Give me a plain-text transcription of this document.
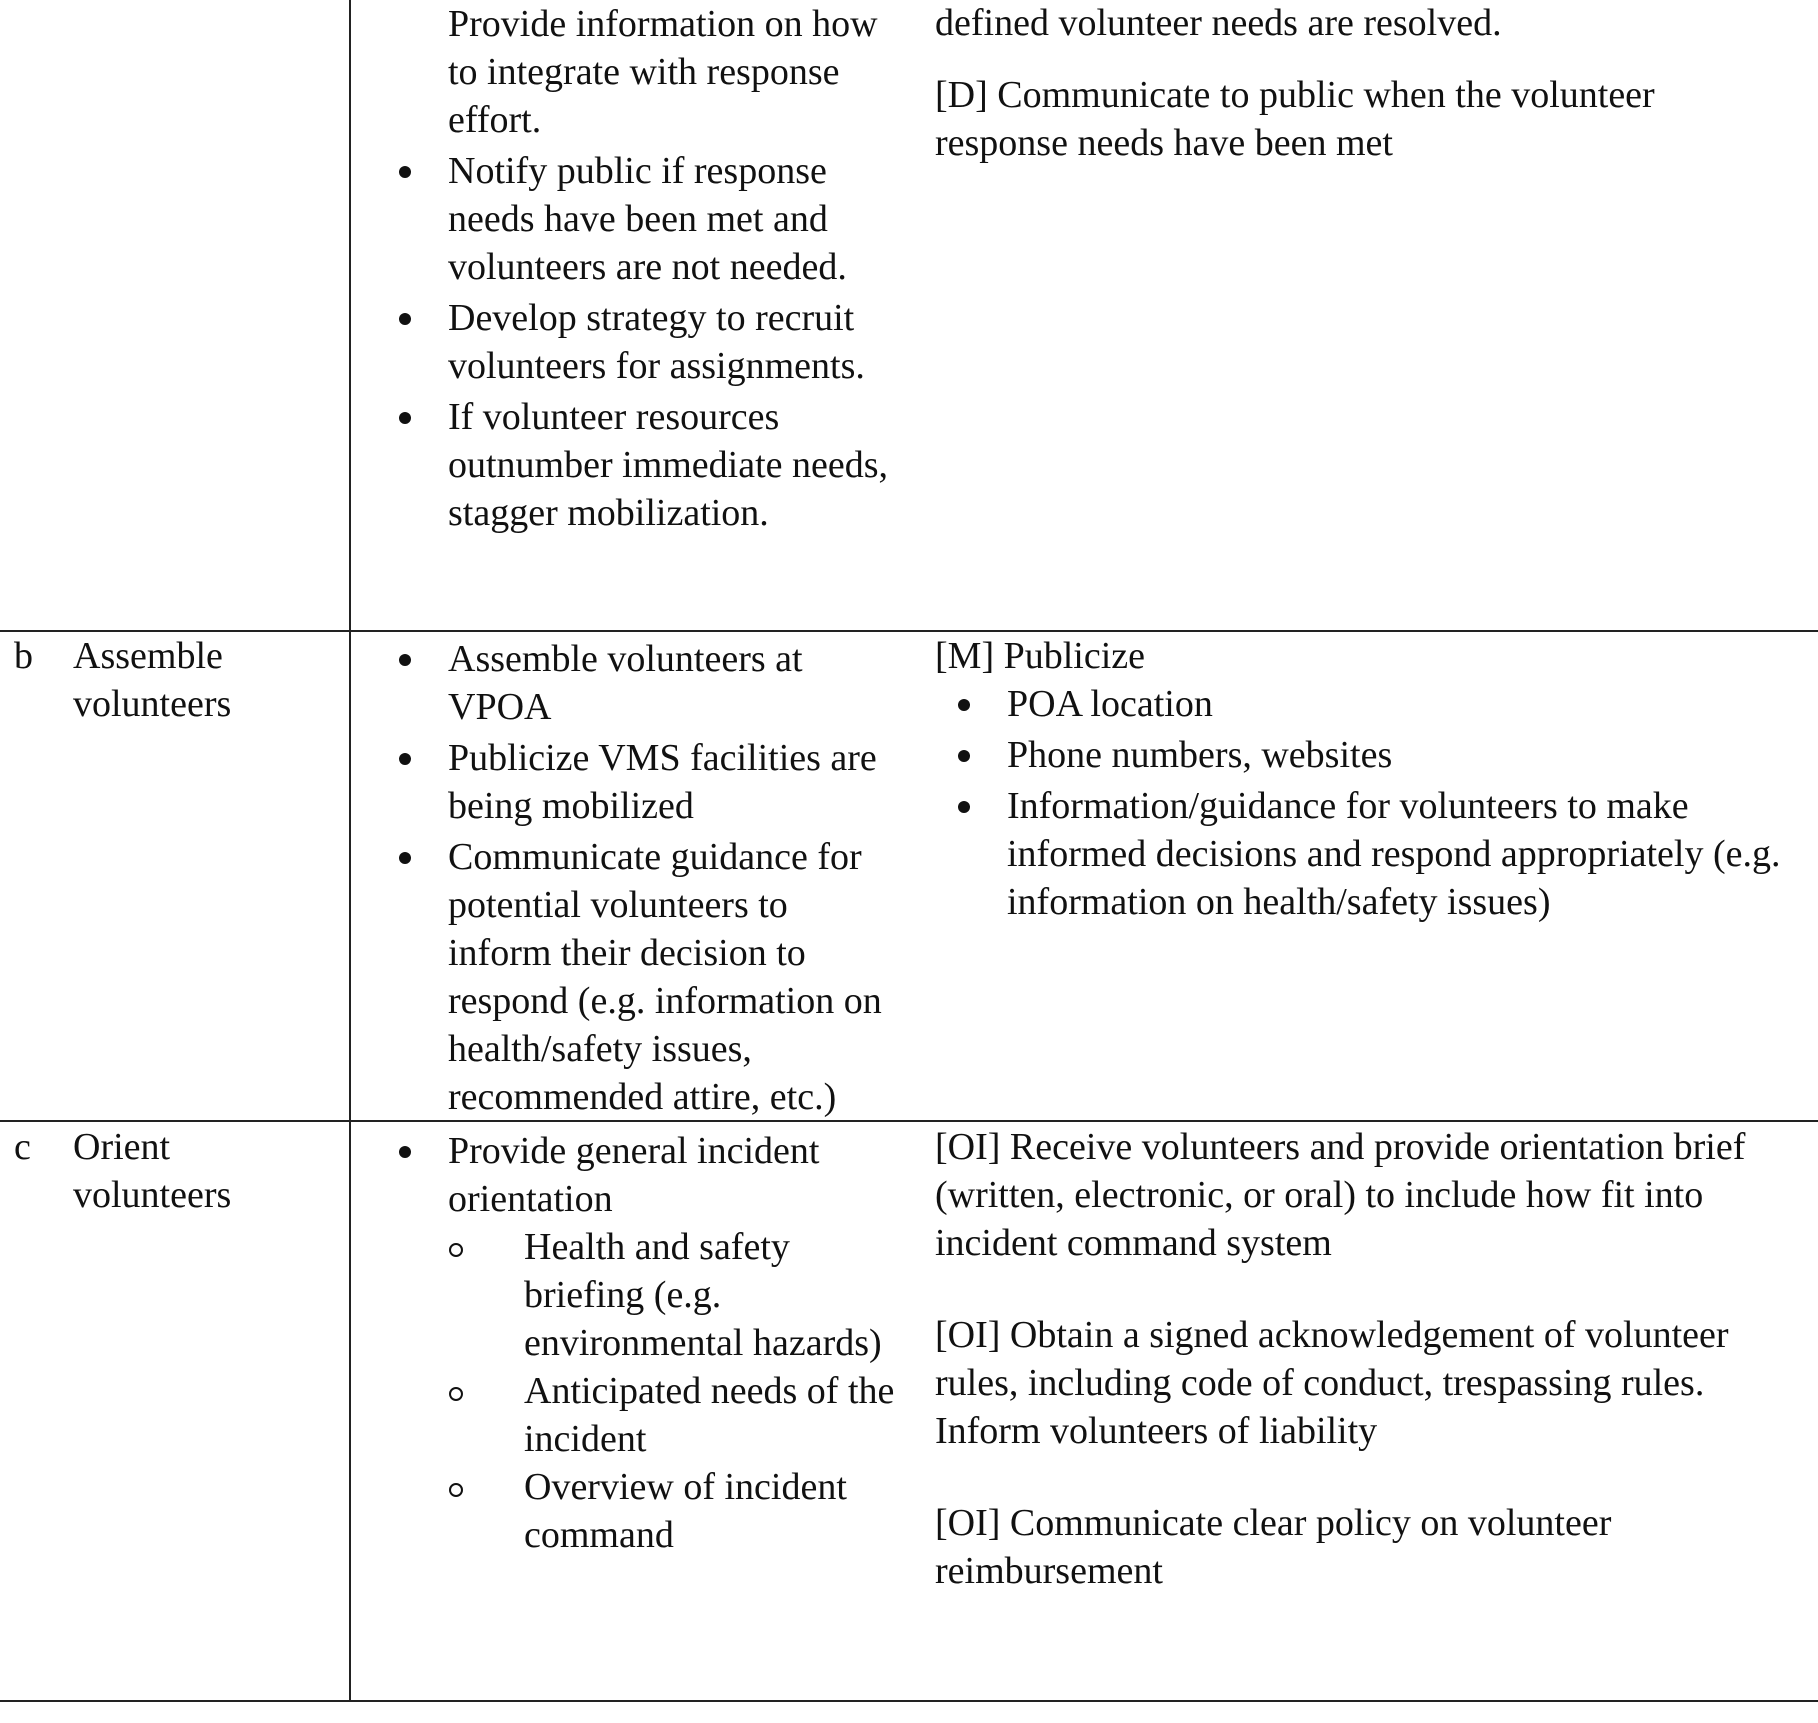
Provide information on how to integrate with response effort.
Notify public if response needs have been met and volunteers are not needed.
Develop strategy to recruit volunteers for assignments.
If volunteer resources outnumber immediate needs, stagger mobilization.

defined volunteer needs are resolved.

[D] Communicate to public when the volunteer response needs have been met

b Assemble volunteers
Assemble volunteers at VPOA
Publicize VMS facilities are being mobilized
Communicate guidance for potential volunteers to inform their decision to respond (e.g. information on health/safety issues, recommended attire, etc.)

[M] Publicize

POA location
Phone numbers, websites
Information/guidance for volunteers to make informed decisions and respond appropriately (e.g. information on health/safety issues)
c Orient volunteers
Provide general incident orientation
Health and safety briefing (e.g. environmental hazards)
Anticipated needs of the incident
Overview of incident command

[OI] Receive volunteers and provide orientation brief (written, electronic, or oral) to include how fit into incident command system

[OI] Obtain a signed acknowledgement of volunteer rules, including code of conduct, trespassing rules. Inform volunteers of liability

[OI] Communicate clear policy on volunteer reimbursement
